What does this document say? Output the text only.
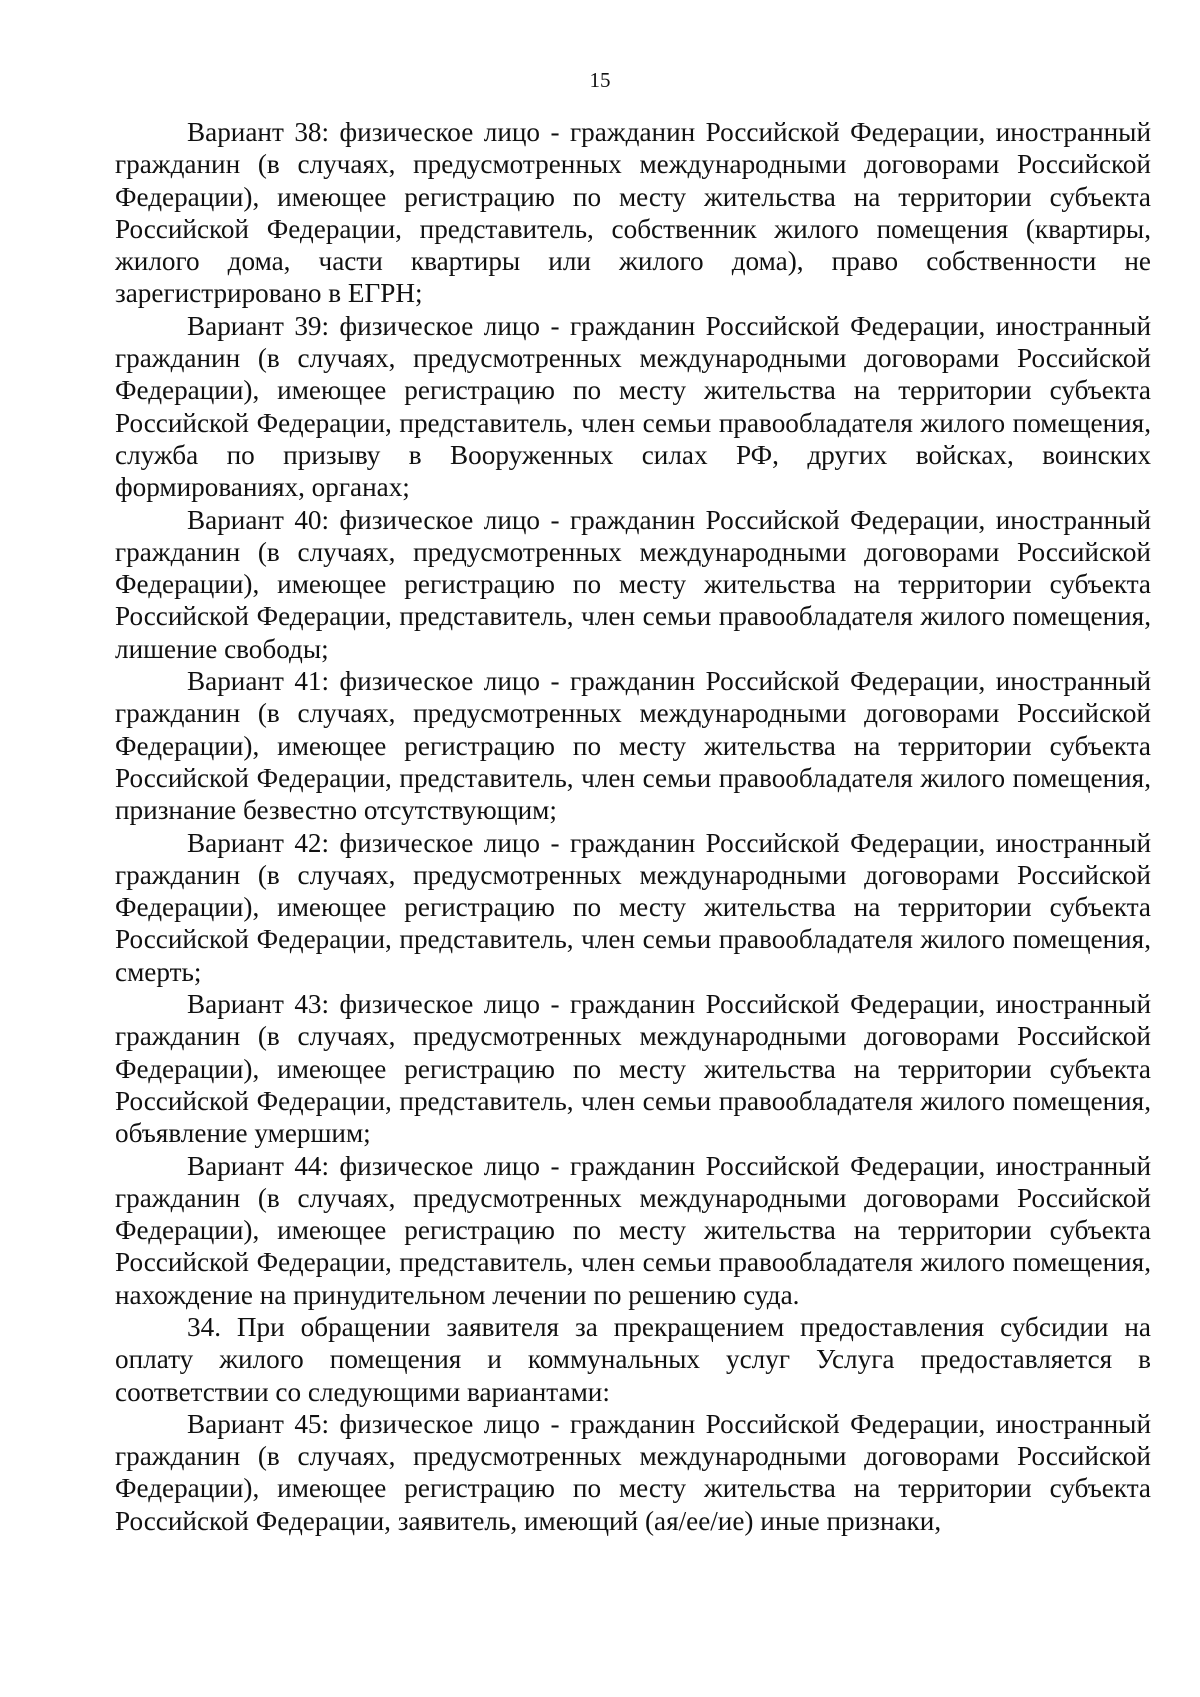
15

Вариант 38: физическое лицо - гражданин Российской Федерации, иностранный гражданин (в случаях, предусмотренных международными договорами Российской Федерации), имеющее регистрацию по месту жительства на территории субъекта Российской Федерации, представитель, собственник жилого помещения (квартиры, жилого дома, части квартиры или жилого дома), право собственности не зарегистрировано в ЕГРН;

Вариант 39: физическое лицо - гражданин Российской Федерации, иностранный гражданин (в случаях, предусмотренных международными договорами Российской Федерации), имеющее регистрацию по месту жительства на территории субъекта Российской Федерации, представитель, член семьи правообладателя жилого помещения, служба по призыву в Вооруженных силах РФ, других войсках, воинских формированиях, органах;

Вариант 40: физическое лицо - гражданин Российской Федерации, иностранный гражданин (в случаях, предусмотренных международными договорами Российской Федерации), имеющее регистрацию по месту жительства на территории субъекта Российской Федерации, представитель, член семьи правообладателя жилого помещения, лишение свободы;

Вариант 41: физическое лицо - гражданин Российской Федерации, иностранный гражданин (в случаях, предусмотренных международными договорами Российской Федерации), имеющее регистрацию по месту жительства на территории субъекта Российской Федерации, представитель, член семьи правообладателя жилого помещения, признание безвестно отсутствующим;

Вариант 42: физическое лицо - гражданин Российской Федерации, иностранный гражданин (в случаях, предусмотренных международными договорами Российской Федерации), имеющее регистрацию по месту жительства на территории субъекта Российской Федерации, представитель, член семьи правообладателя жилого помещения, смерть;

Вариант 43: физическое лицо - гражданин Российской Федерации, иностранный гражданин (в случаях, предусмотренных международными договорами Российской Федерации), имеющее регистрацию по месту жительства на территории субъекта Российской Федерации, представитель, член семьи правообладателя жилого помещения, объявление умершим;

Вариант 44: физическое лицо - гражданин Российской Федерации, иностранный гражданин (в случаях, предусмотренных международными договорами Российской Федерации), имеющее регистрацию по месту жительства на территории субъекта Российской Федерации, представитель, член семьи правообладателя жилого помещения, нахождение на принудительном лечении по решению суда.

34. При обращении заявителя за прекращением предоставления субсидии на оплату жилого помещения и коммунальных услуг Услуга предоставляется в соответствии со следующими вариантами:

Вариант 45: физическое лицо - гражданин Российской Федерации, иностранный гражданин (в случаях, предусмотренных международными договорами Российской Федерации), имеющее регистрацию по месту жительства на территории субъекта Российской Федерации, заявитель, имеющий (ая/ее/ие) иные признаки,
